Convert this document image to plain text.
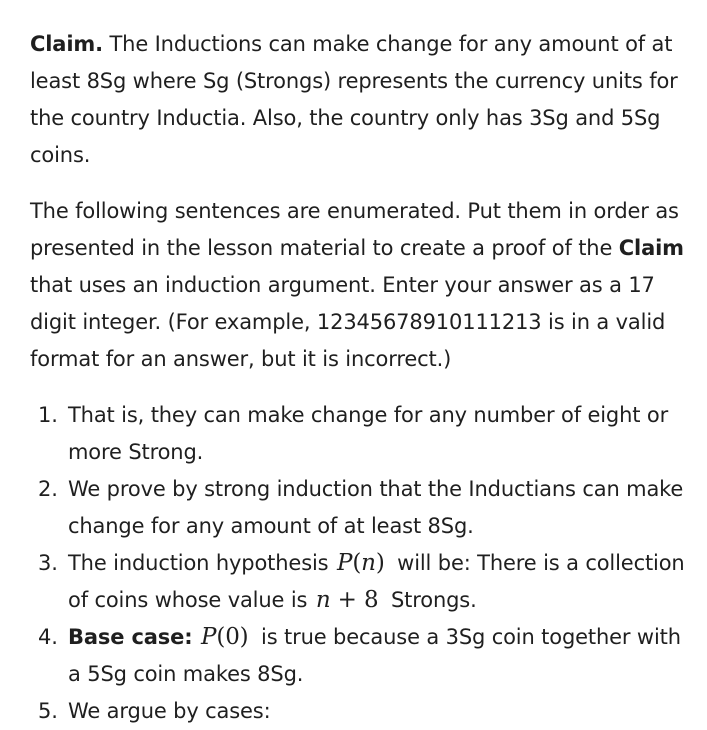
Claim. The Inductions can make change for any amount of at least 8Sg where Sg (Strongs) represents the currency units for the country Inductia. Also, the country only has 3Sg and 5Sg coins.

The following sentences are enumerated. Put them in order as presented in the lesson material to create a proof of the Claim that uses an induction argument. Enter your answer as a 17 digit integer. (For example, 12345678910111213 is in a valid format for an answer, but it is incorrect.)

1. That is, they can make change for any number of eight or more Strong.
2. We prove by strong induction that the Inductians can make change for any amount of at least 8Sg.
3. The induction hypothesis P(n) will be: There is a collection of coins whose value is n + 8 Strongs.
4. Base case: P(0) is true because a 3Sg coin together with a 5Sg coin makes 8Sg.
5. We argue by cases:
